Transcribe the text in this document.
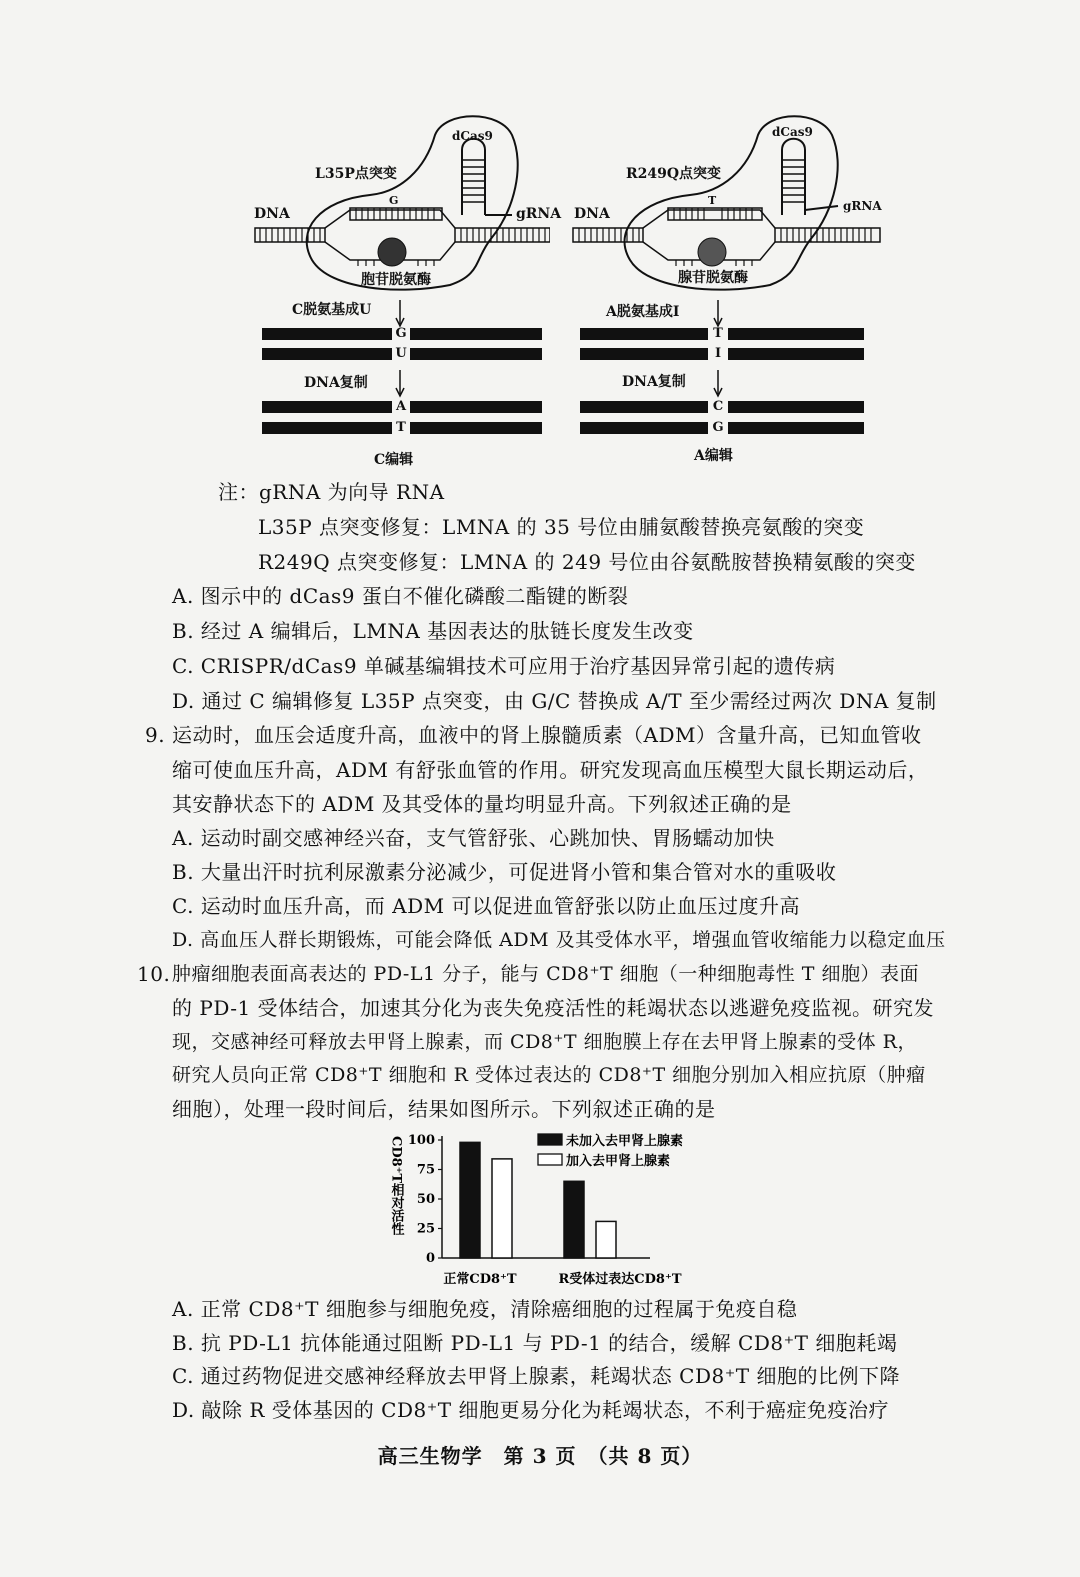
L35P点突变
dCas9
DNA	gRNA
G
胞苷脱氨酶
C脱氨基成U
DNA复制
C编辑
G
U
A
T
R249Q点突变
dCas9
DNA	gRNA
T
腺苷脱氨酶
A脱氨基成I
DNA复制
A编辑
T
I
C
G
注：gRNA 为向导 RNA
L35P 点突变修复：LMNA 的 35 号位由脯氨酸替换亮氨酸的突变
R249Q 点突变修复：LMNA 的 249 号位由谷氨酰胺替换精氨酸的突变
A. 图示中的 dCas9 蛋白不催化磷酸二酯键的断裂
B. 经过 A 编辑后，LMNA 基因表达的肽链长度发生改变
C. CRISPR/dCas9 单碱基编辑技术可应用于治疗基因异常引起的遗传病
D. 通过 C 编辑修复 L35P 点突变，由 G/C 替换成 A/T 至少需经过两次 DNA 复制
9. 运动时，血压会适度升高，血液中的肾上腺髓质素（ADM）含量升高，已知血管收
缩可使血压升高，ADM 有舒张血管的作用。研究发现高血压模型大鼠长期运动后，
其安静状态下的 ADM 及其受体的量均明显升高。下列叙述正确的是
A. 运动时副交感神经兴奋，支气管舒张、心跳加快、胃肠蠕动加快
B. 大量出汗时抗利尿激素分泌减少，可促进肾小管和集合管对水的重吸收
C. 运动时血压升高，而 ADM 可以促进血管舒张以防止血压过度升高
D. 高血压人群长期锻炼，可能会降低 ADM 及其受体水平，增强血管收缩能力以稳定血压
10. 肿瘤细胞表面高表达的 PD-L1 分子，能与 CD8⁺T 细胞（一种细胞毒性 T 细胞）表面
的 PD-1 受体结合，加速其分化为丧失免疫活性的耗竭状态以逃避免疫监视。研究发
现，交感神经可释放去甲肾上腺素，而 CD8⁺T 细胞膜上存在去甲肾上腺素的受体 R，
研究人员向正常 CD8⁺T 细胞和 R 受体过表达的 CD8⁺T 细胞分别加入相应抗原（肿瘤
细胞），处理一段时间后，结果如图所示。下列叙述正确的是
CD8⁺T相对活性 100
75
50
25
0
正常CD8⁺T	R受体过表达CD8⁺T
未加入去甲肾上腺素
加入去甲肾上腺素
A. 正常 CD8⁺T 细胞参与细胞免疫，清除癌细胞的过程属于免疫自稳
B. 抗 PD-L1 抗体能通过阻断 PD-L1 与 PD-1 的结合，缓解 CD8⁺T 细胞耗竭
C. 通过药物促进交感神经释放去甲肾上腺素，耗竭状态 CD8⁺T 细胞的比例下降
D. 敲除 R 受体基因的 CD8⁺T 细胞更易分化为耗竭状态，不利于癌症免疫治疗
高三生物学　第 3 页　（共 8 页）
